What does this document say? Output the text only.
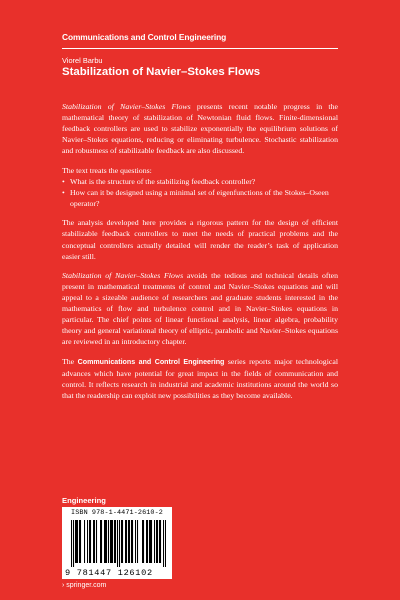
Communications and Control Engineering
Viorel Barbu
Stabilization of Navier–Stokes Flows

Stabilization of Navier–Stokes Flows presents recent notable progress in the mathematical theory of stabilization of Newtonian fluid flows. Finite-dimensional feedback controllers are used to stabilize exponentially the equilibrium solutions of Navier–Stokes equations, reducing or eliminating turbulence. Stochastic stabilization and robustness of stabilizable feedback are also discussed.

The text treats the questions:

• What is the structure of the stabilizing feedback controller?
• How can it be designed using a minimal set of eigenfunctions of the Stokes–Oseen operator?

The analysis developed here provides a rigorous pattern for the design of efficient stabilizable feedback controllers to meet the needs of practical problems and the conceptual controllers actually detailed will render the reader’s task of application easier still.

Stabilization of Navier–Stokes Flows avoids the tedious and technical details often present in mathematical treatments of control and Navier–Stokes equations and will appeal to a sizeable audience of researchers and graduate students interested in the mathematics of flow and turbulence control and in Navier–Stokes equations in particular. The chief points of linear functional analysis, linear algebra, probability theory and general variational theory of elliptic, parabolic and Navier–Stokes equations are reviewed in an introductory chapter.

The Communications and Control Engineering series reports major technological advances which have potential for great impact in the fields of communication and control. It reflects research in industrial and academic institutions around the world so that the readership can exploit new possibilities as they become available.

Engineering
ISBN 978-1-4471-2610-2
9 781447 126102
› springer.com
